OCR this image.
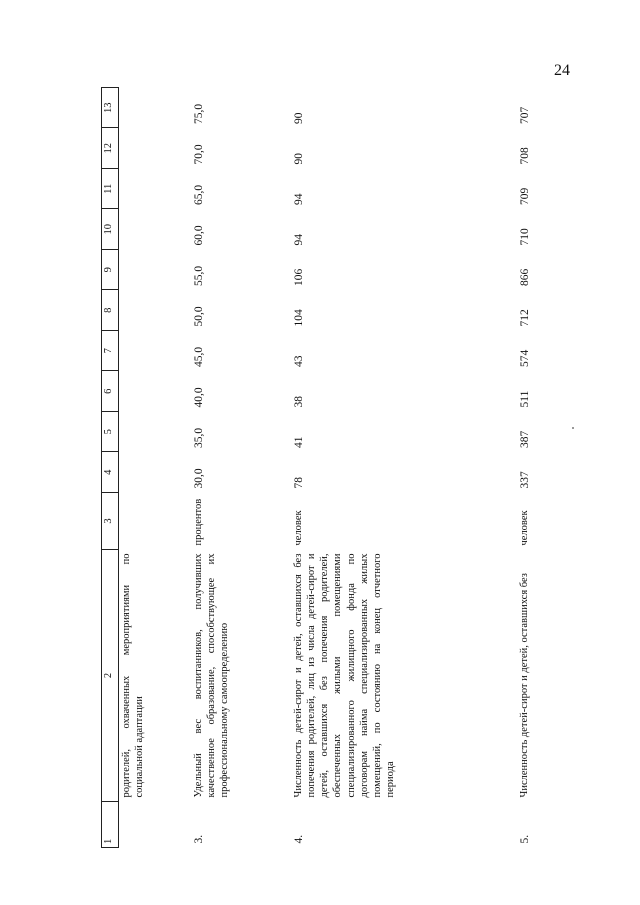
24
1	2	3	4	5	6	7	8	9	10	11	12	13
	родителей, охваченных мероприятиями по социальной адаптации											
3.	Удельный вес воспитанников, получивших качественное образование, способствующее их профессиональному самоопределению	процентов	30,0	35,0	40,0	45,0	50,0	55,0	60,0	65,0	70,0	75,0
4.	Численность детей-сирот и детей, оставшихся без попечения родителей, лиц из числа детей-сирот и детей, оставшихся без попечения родителей, обеспеченных жилыми помещениями специализированного жилищного фонда по договорам найма специализированных жилых помещений, по состоянию на конец отчетного периода	человек	78	41	38	43	104	106	94	94	90	90
5.	Численность детей-сирот и детей, оставшихся без	человек	337	387	511	574	712	866	710	709	708	707
